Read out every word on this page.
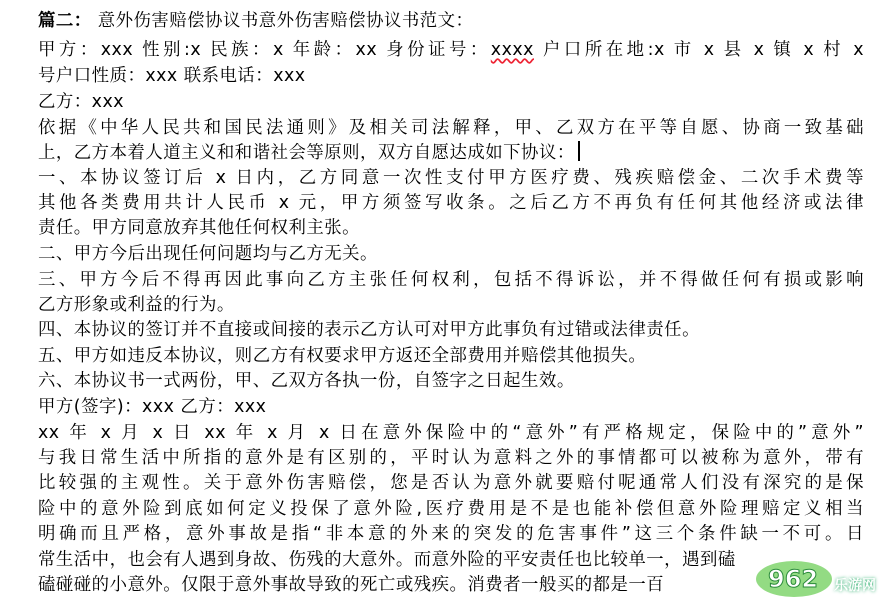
篇二： 意外伤害赔偿协议书意外伤害赔偿协议书范文：
甲方：xxx 性别:x 民族：x 年龄：xx 身份证号：xxxx 户口所在地:x 市 x 县 x 镇 x 村 x
号户口性质：xxx 联系电话：xxx
乙方：xxx
依据《中华人民共和国民法通则》及相关司法解释，甲、乙双方在平等自愿、协商一致基础
上，乙方本着人道主义和和谐社会等原则，双方自愿达成如下协议：
一、本协议签订后 x 日内，乙方同意一次性支付甲方医疗费、残疾赔偿金、二次手术费等
其他各类费用共计人民币 x 元，甲方须签写收条。之后乙方不再负有任何其他经济或法律
责任。甲方同意放弃其他任何权利主张。
二、甲方今后出现任何问题均与乙方无关。
三、甲方今后不得再因此事向乙方主张任何权利，包括不得诉讼，并不得做任何有损或影响
乙方形象或利益的行为。
四、本协议的签订并不直接或间接的表示乙方认可对甲方此事负有过错或法律责任。
五、甲方如违反本协议，则乙方有权要求甲方返还全部费用并赔偿其他损失。
六、本协议书一式两份，甲、乙双方各执一份，自签字之日起生效。
甲方(签字)：xxx 乙方：xxx
xx 年 x 月 x 日 xx 年 x 月 x 日在意外保险中的“意外”有严格规定，保险中的”意外”
与我日常生活中所指的意外是有区别的，平时认为意料之外的事情都可以被称为意外，带有
比较强的主观性。关于意外伤害赔偿，您是否认为意外就要赔付呢通常人们没有深究的是保
险中的意外险到底如何定义投保了意外险,医疗费用是不是也能补偿但意外险理赔定义相当
明确而且严格，意外事故是指“非本意的外来的突发的危害事件”这三个条件缺一不可。日
常生活中，也会有人遇到身故、伤残的大意外。而意外险的平安责任也比较单一，遇到磕
磕碰碰的小意外。仅限于意外事故导致的死亡或残疾。消费者一般买的都是一百	962 乐游网
